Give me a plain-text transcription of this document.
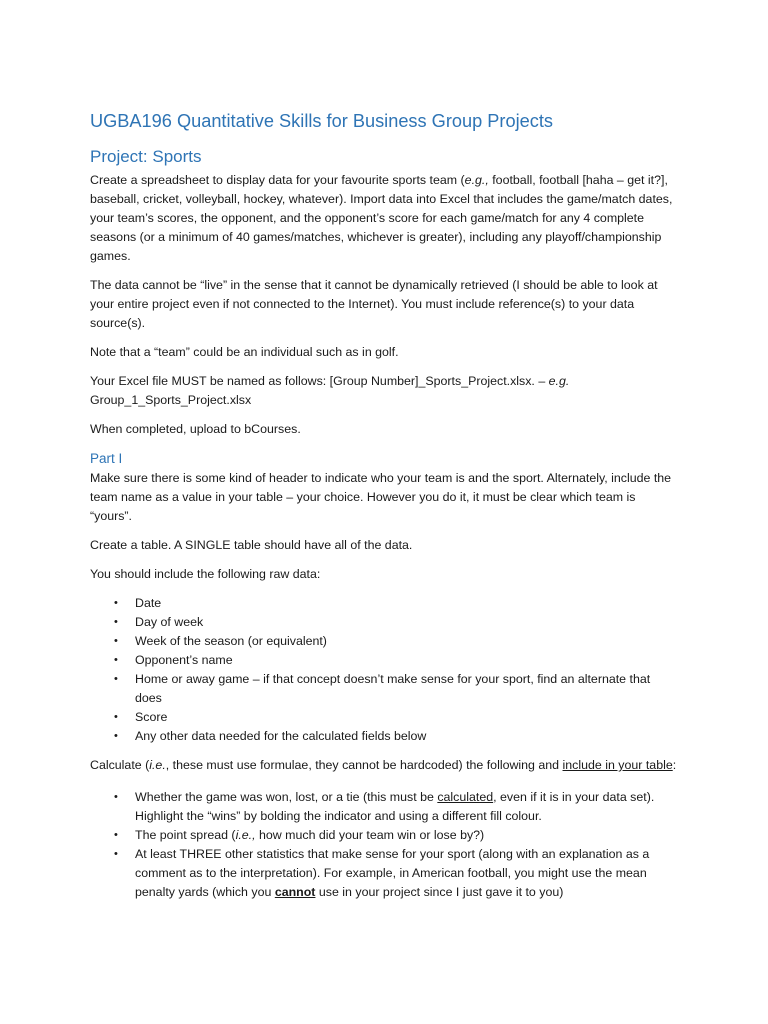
UGBA196 Quantitative Skills for Business Group Projects
Project: Sports

Create a spreadsheet to display data for your favourite sports team (e.g., football, football [haha – get it?], baseball, cricket, volleyball, hockey, whatever). Import data into Excel that includes the game/match dates, your team’s scores, the opponent, and the opponent’s score for each game/match for any 4 complete seasons (or a minimum of 40 games/matches, whichever is greater), including any playoff/championship games.

The data cannot be “live” in the sense that it cannot be dynamically retrieved (I should be able to look at your entire project even if not connected to the Internet). You must include reference(s) to your data source(s).

Note that a “team” could be an individual such as in golf.

Your Excel file MUST be named as follows: [Group Number]_Sports_Project.xlsx. – e.g. Group_1_Sports_Project.xlsx

When completed, upload to bCourses.

Part I

Make sure there is some kind of header to indicate who your team is and the sport. Alternately, include the team name as a value in your table – your choice. However you do it, it must be clear which team is “yours”.

Create a table. A SINGLE table should have all of the data.

You should include the following raw data:

• Date
• Day of week
• Week of the season (or equivalent)
• Opponent’s name
• Home or away game – if that concept doesn’t make sense for your sport, find an alternate that does
• Score
• Any other data needed for the calculated fields below

Calculate (i.e., these must use formulae, they cannot be hardcoded) the following and include in your table:

• Whether the game was won, lost, or a tie (this must be calculated, even if it is in your data set). Highlight the “wins” by bolding the indicator and using a different fill colour.
• The point spread (i.e., how much did your team win or lose by?)
• At least THREE other statistics that make sense for your sport (along with an explanation as a comment as to the interpretation). For example, in American football, you might use the mean penalty yards (which you cannot use in your project since I just gave it to you)
